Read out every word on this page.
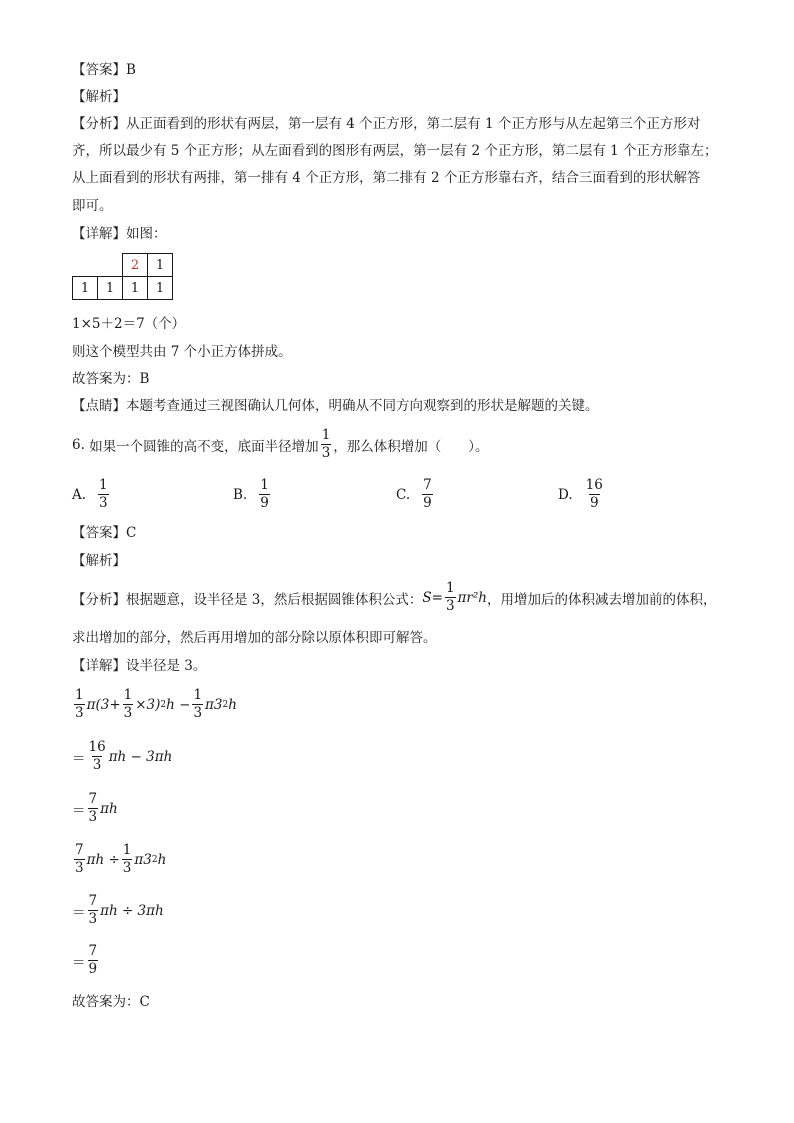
【答案】B
【解析】
【分析】从正面看到的形状有两层，第一层有 4 个正方形，第二层有 1 个正方形与从左起第三个正方形对
齐，所以最少有 5 个正方形；从左面看到的图形有两层，第一层有 2 个正方形，第二层有 1 个正方形靠左；
从上面看到的形状有两排，第一排有 4 个正方形，第二排有 2 个正方形靠右齐，结合三面看到的形状解答
即可。
【详解】如图：
		2	1
1	1	1	1
1×5＋2＝7（个）
则这个模型共由 7 个小正方体拼成。
故答案为：B
【点睛】本题考查通过三视图确认几何体，明确从不同方向观察到的形状是解题的关键。
6.
如果一个圆锥的高不变，底面半径增加 $\frac{1}{3}$ ，那么体积增加（　　）。
A. $\frac{1}{3}$	B. $\frac{1}{9}$	C. $\frac{7}{9}$	D. $\frac{16}{9}$
【答案】C
【解析】
【分析】 根据题意，设半径是 3，然后根据圆锥体积公式： $S= \frac{1}{3} \pi r^2h$ ，用增加后的体积减去增加前的体积，
求出增加的部分，然后再用增加的部分除以原体积即可解答。
【详解】设半径是 3。
$\frac{1}{3} \pi(3+ \frac{1}{3} \times 3)$ 2 $h - \frac{1}{3} \pi 3$ 2 h
＝ $\frac{16}{3}$ πh − 3πh
＝ $\frac{7}{3}$ πh
$\frac{7}{3}$ $\pi h \div \frac{1}{3} \pi 3$ 2 h
＝ $\frac{7}{3}$ πh ÷ 3πh
＝ $\frac{7}{9}$
故答案为：C
